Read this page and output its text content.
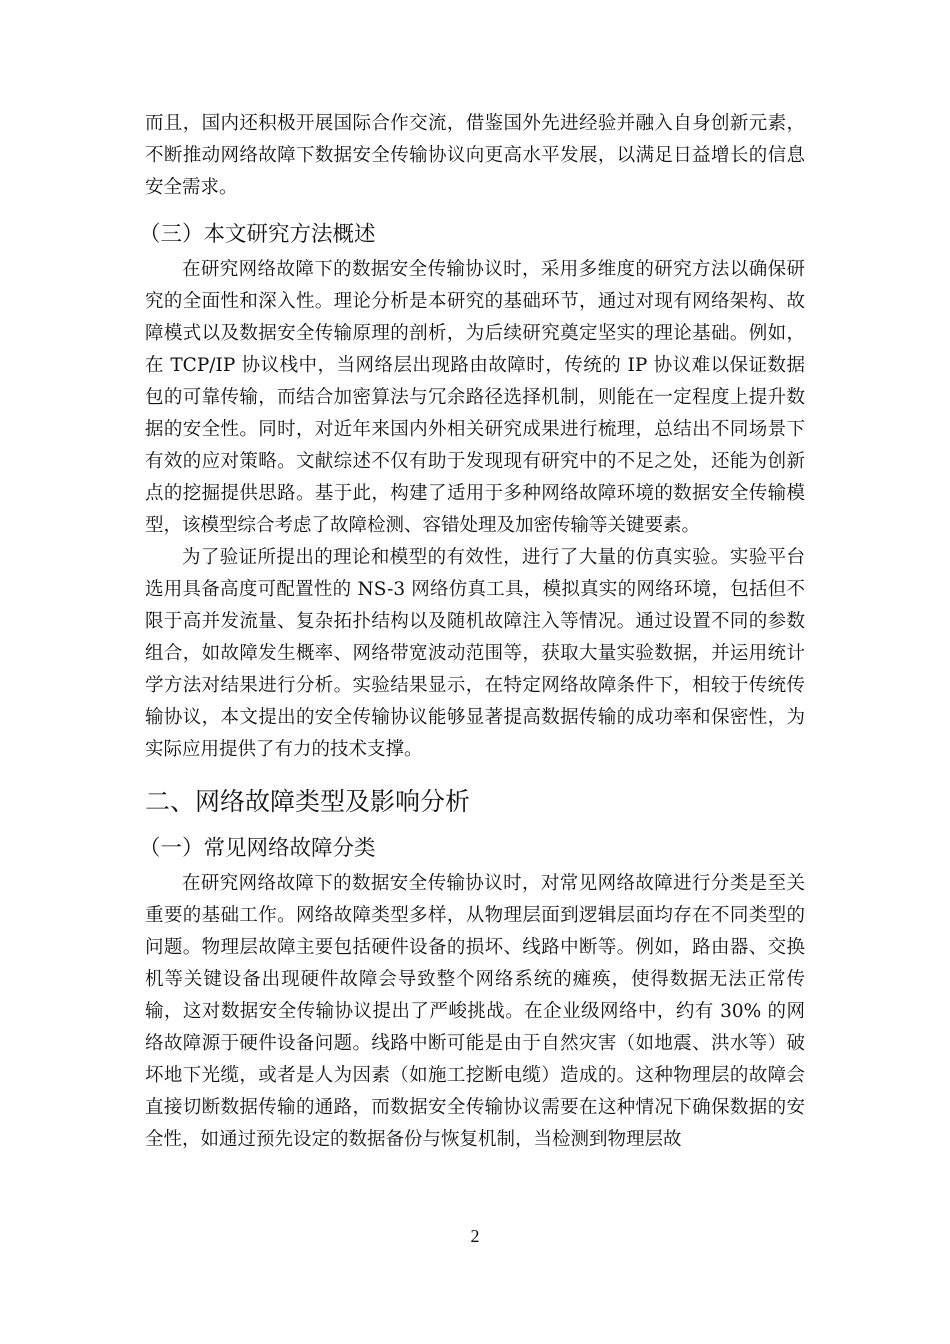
而且，国内还积极开展国际合作交流，借鉴国外先进经验并融入自身创新元素，不断推动网络故障下数据安全传输协议向更高水平发展，以满足日益增长的信息安全需求。

（三）本文研究方法概述

在研究网络故障下的数据安全传输协议时，采用多维度的研究方法以确保研究的全面性和深入性。理论分析是本研究的基础环节，通过对现有网络架构、故障模式以及数据安全传输原理的剖析，为后续研究奠定坚实的理论基础。例如，在 TCP/IP 协议栈中，当网络层出现路由故障时，传统的 IP 协议难以保证数据包的可靠传输，而结合加密算法与冗余路径选择机制，则能在一定程度上提升数据的安全性。同时，对近年来国内外相关研究成果进行梳理，总结出不同场景下有效的应对策略。文献综述不仅有助于发现现有研究中的不足之处，还能为创新点的挖掘提供思路。基于此，构建了适用于多种网络故障环境的数据安全传输模型，该模型综合考虑了故障检测、容错处理及加密传输等关键要素。

为了验证所提出的理论和模型的有效性，进行了大量的仿真实验。实验平台选用具备高度可配置性的 NS-3 网络仿真工具，模拟真实的网络环境，包括但不限于高并发流量、复杂拓扑结构以及随机故障注入等情况。通过设置不同的参数组合，如故障发生概率、网络带宽波动范围等，获取大量实验数据，并运用统计学方法对结果进行分析。实验结果显示，在特定网络故障条件下，相较于传统传输协议，本文提出的安全传输协议能够显著提高数据传输的成功率和保密性，为实际应用提供了有力的技术支撑。

二、网络故障类型及影响分析
（一）常见网络故障分类

在研究网络故障下的数据安全传输协议时，对常见网络故障进行分类是至关重要的基础工作。网络故障类型多样，从物理层面到逻辑层面均存在不同类型的问题。物理层故障主要包括硬件设备的损坏、线路中断等。例如，路由器、交换机等关键设备出现硬件故障会导致整个网络系统的瘫痪，使得数据无法正常传输，这对数据安全传输协议提出了严峻挑战。在企业级网络中，约有 30% 的网络故障源于硬件设备问题。线路中断可能是由于自然灾害（如地震、洪水等）破坏地下光缆，或者是人为因素（如施工挖断电缆）造成的。这种物理层的故障会直接切断数据传输的通路，而数据安全传输协议需要在这种情况下确保数据的安全性，如通过预先设定的数据备份与恢复机制，当检测到物理层故

2
